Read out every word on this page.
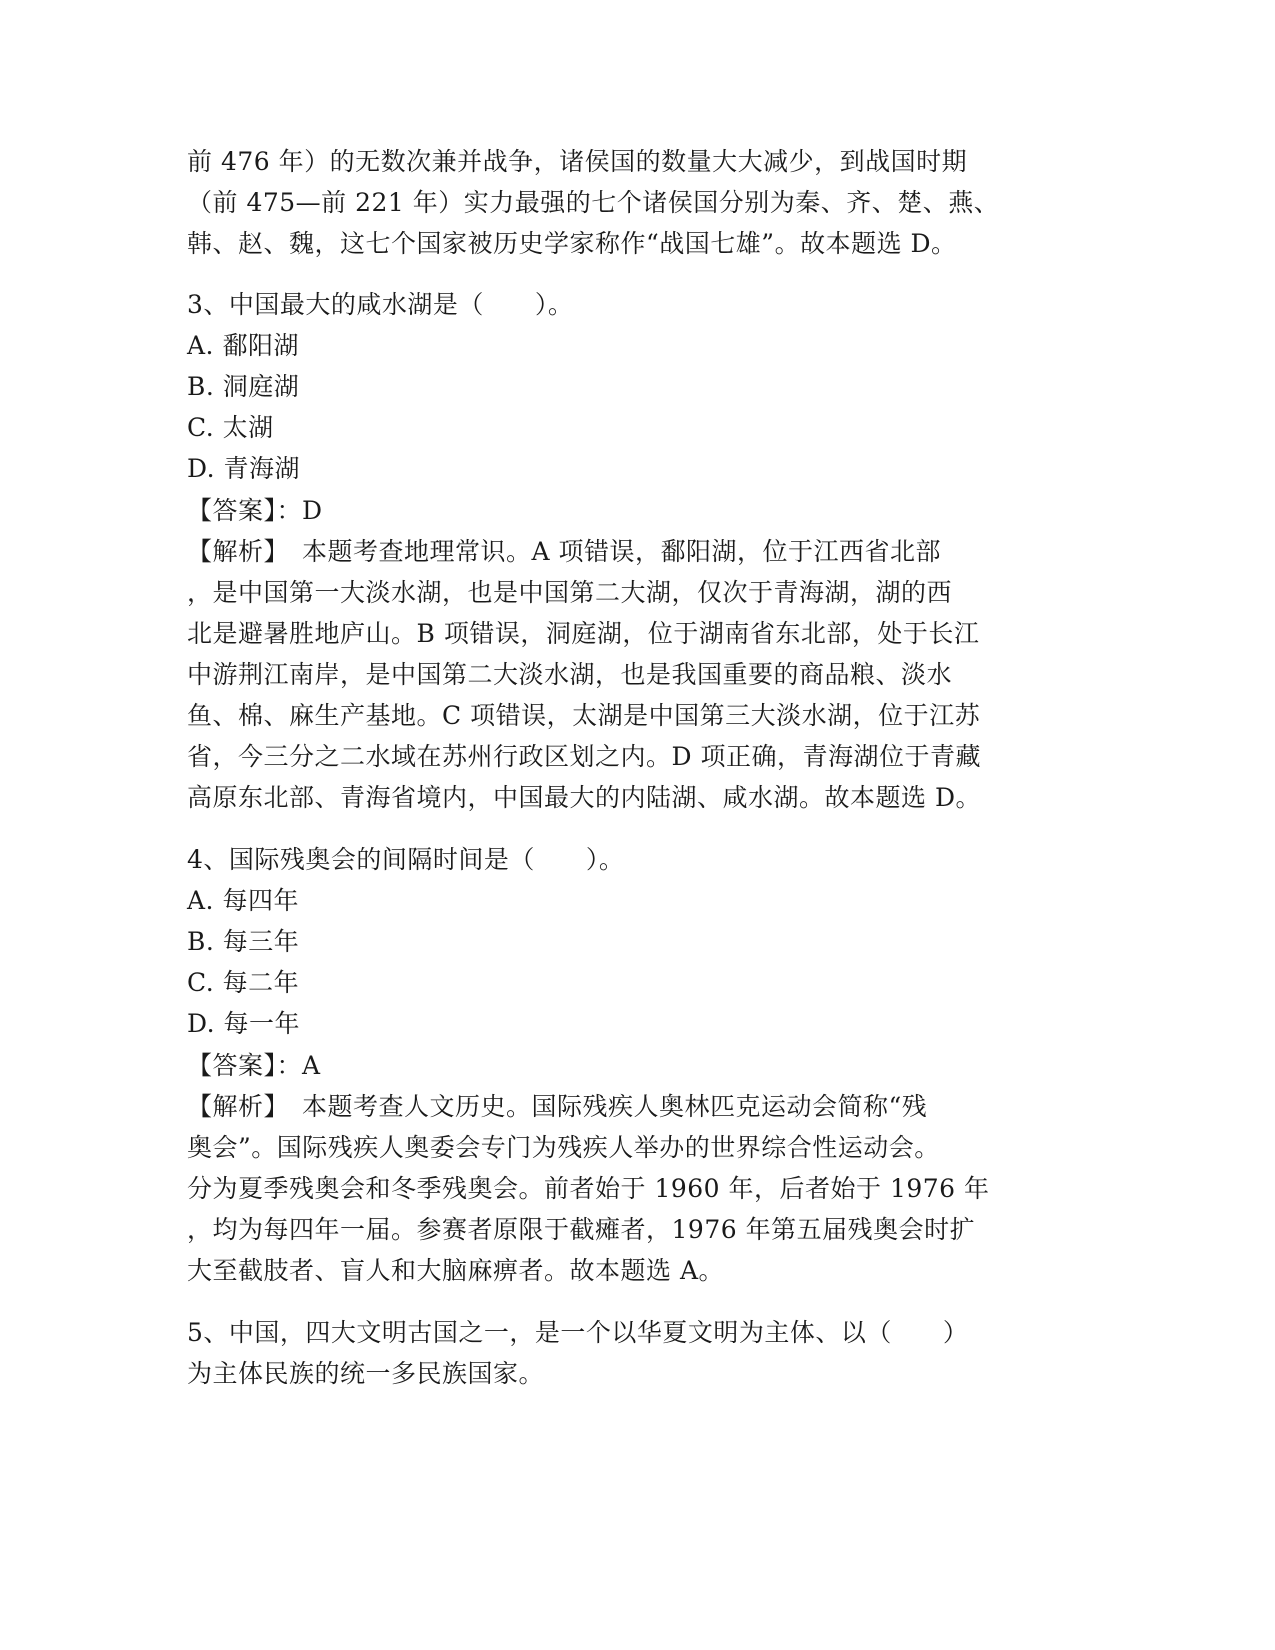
前 476 年）的无数次兼并战争，诸侯国的数量大大减少，到战国时期
（前 475—前 221 年）实力最强的七个诸侯国分别为秦、齐、楚、燕、
韩、赵、魏，这七个国家被历史学家称作“战国七雄”。故本题选 D。
3、中国最大的咸水湖是（　　）。
A. 鄱阳湖
B. 洞庭湖
C. 太湖
D. 青海湖
【答案】：D
【解析】　本题考查地理常识。A 项错误，鄱阳湖，位于江西省北部
，是中国第一大淡水湖，也是中国第二大湖，仅次于青海湖，湖的西
北是避暑胜地庐山。B 项错误，洞庭湖，位于湖南省东北部，处于长江
中游荆江南岸，是中国第二大淡水湖，也是我国重要的商品粮、淡水
鱼、棉、麻生产基地。C 项错误，太湖是中国第三大淡水湖，位于江苏
省，今三分之二水域在苏州行政区划之内。D 项正确，青海湖位于青藏
高原东北部、青海省境内，中国最大的内陆湖、咸水湖。故本题选 D。
4、国际残奥会的间隔时间是（　　）。
A. 每四年
B. 每三年
C. 每二年
D. 每一年
【答案】：A
【解析】　本题考查人文历史。国际残疾人奥林匹克运动会简称“残
奥会”。国际残疾人奥委会专门为残疾人举办的世界综合性运动会。
分为夏季残奥会和冬季残奥会。前者始于 1960 年，后者始于 1976 年
，均为每四年一届。参赛者原限于截瘫者，1976 年第五届残奥会时扩
大至截肢者、盲人和大脑麻痹者。故本题选 A。
5、中国，四大文明古国之一，是一个以华夏文明为主体、以（　　）
为主体民族的统一多民族国家。
